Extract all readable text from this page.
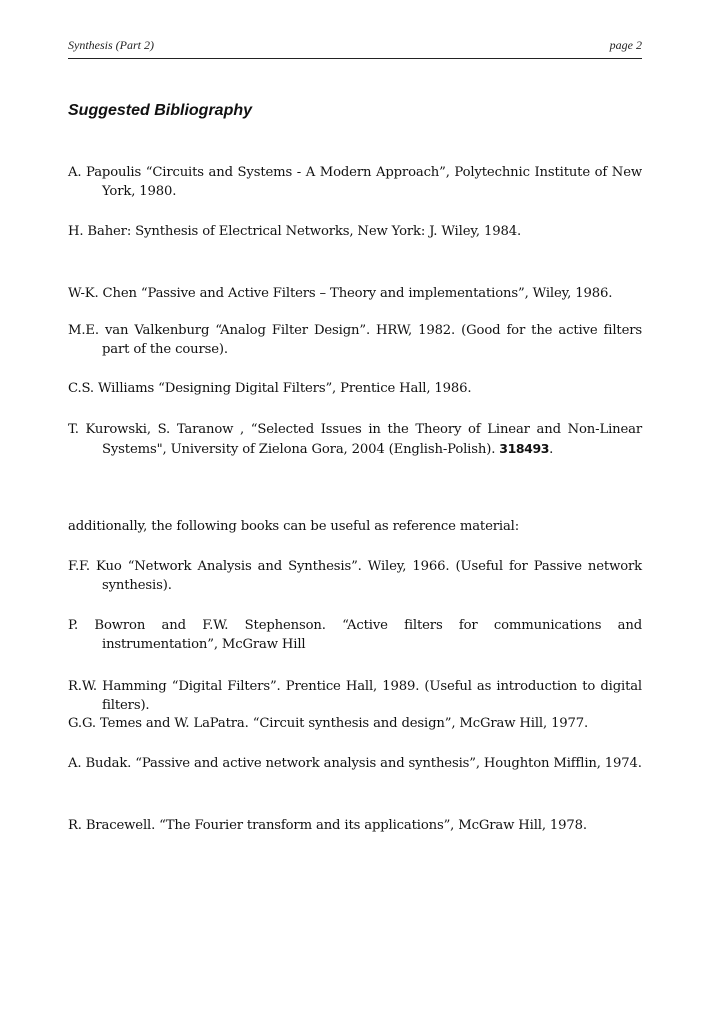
Synthesis (Part 2)	page 2
Suggested Bibliography
A. Papoulis “Circuits and Systems - A Modern Approach”, Polytechnic Institute of New York, 1980.
H. Baher: Synthesis of Electrical Networks, New York: J. Wiley, 1984.
W-K. Chen “Passive and Active Filters – Theory and implementations”, Wiley, 1986.
M.E. van Valkenburg “Analog Filter Design”. HRW, 1982. (Good for the active filters part of the course).
C.S. Williams “Designing Digital Filters”, Prentice Hall, 1986.
T. Kurowski, S. Taranow , “Selected Issues in the Theory of Linear and Non-Linear Systems", University of Zielona Gora, 2004 (English-Polish). 318493.
additionally, the following books can be useful as reference material:
F.F. Kuo “Network Analysis and Synthesis”. Wiley, 1966. (Useful for Passive network synthesis).
P. Bowron and F.W. Stephenson. “Active filters for communications and instrumentation”, McGraw Hill
R.W. Hamming “Digital Filters”. Prentice Hall, 1989. (Useful as introduction to digital filters).
G.G. Temes and W. LaPatra. “Circuit synthesis and design”, McGraw Hill, 1977.
A. Budak. “Passive and active network analysis and synthesis”, Houghton Mifflin, 1974.
R. Bracewell. “The Fourier transform and its applications”, McGraw Hill, 1978.
